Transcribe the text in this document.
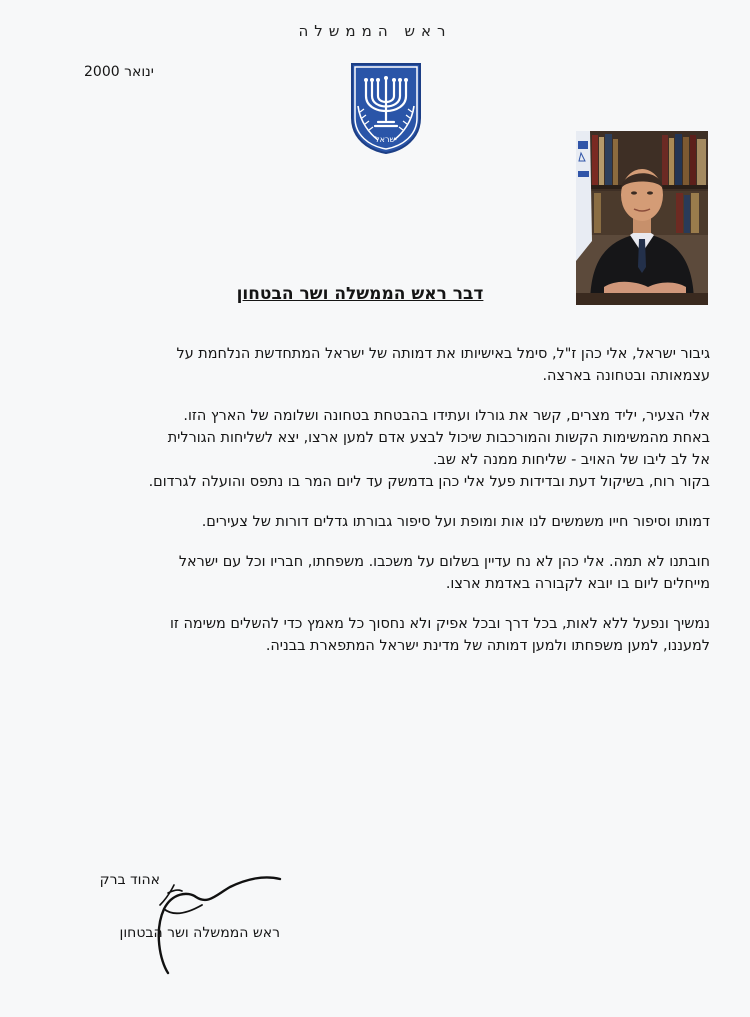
ראש הממשלה
ינואר 2000
ישראל
דבר ראש הממשלה ושר הבטחון

גיבור ישראל, אלי כהן ז"ל, סימל באישיותו את דמותה של ישראל המתחדשת הנלחמת על
עצמאותה ובטחונה בארצה.

אלי הצעיר, יליד מצרים, קשר את גורלו ועתידו בהבטחת בטחונה ושלומה של הארץ הזו.
באחת מהמשימות הקשות והמורכבות שיכול לבצע אדם למען ארצו, יצא לשליחות הגורלית
אל לב ליבו של האויב - שליחות ממנה לא שב.
בקור רוח, בשיקול דעת ובדידות פעל אלי כהן בדמשק עד ליום המר בו נתפס והועלה לגרדום.

דמותו וסיפור חייו משמשים לנו אות ומופת ועל סיפור גבורתו גדלים דורות של צעירים.

חובתנו לא תמה. אלי כהן לא נח עדיין בשלום על משכבו. משפחתו, חבריו וכל עם ישראל
מייחלים ליום בו יובא לקבורה באדמת ארצו.

נמשיך ונפעל ללא לאות, בכל דרך ובכל אפיק ולא נחסוך כל מאמץ כדי להשלים משימה זו
למעננו, למען משפחתו ולמען דמותה של מדינת ישראל המתפארת בבניה.

אהוד ברק
ראש הממשלה ושר הבטחון
